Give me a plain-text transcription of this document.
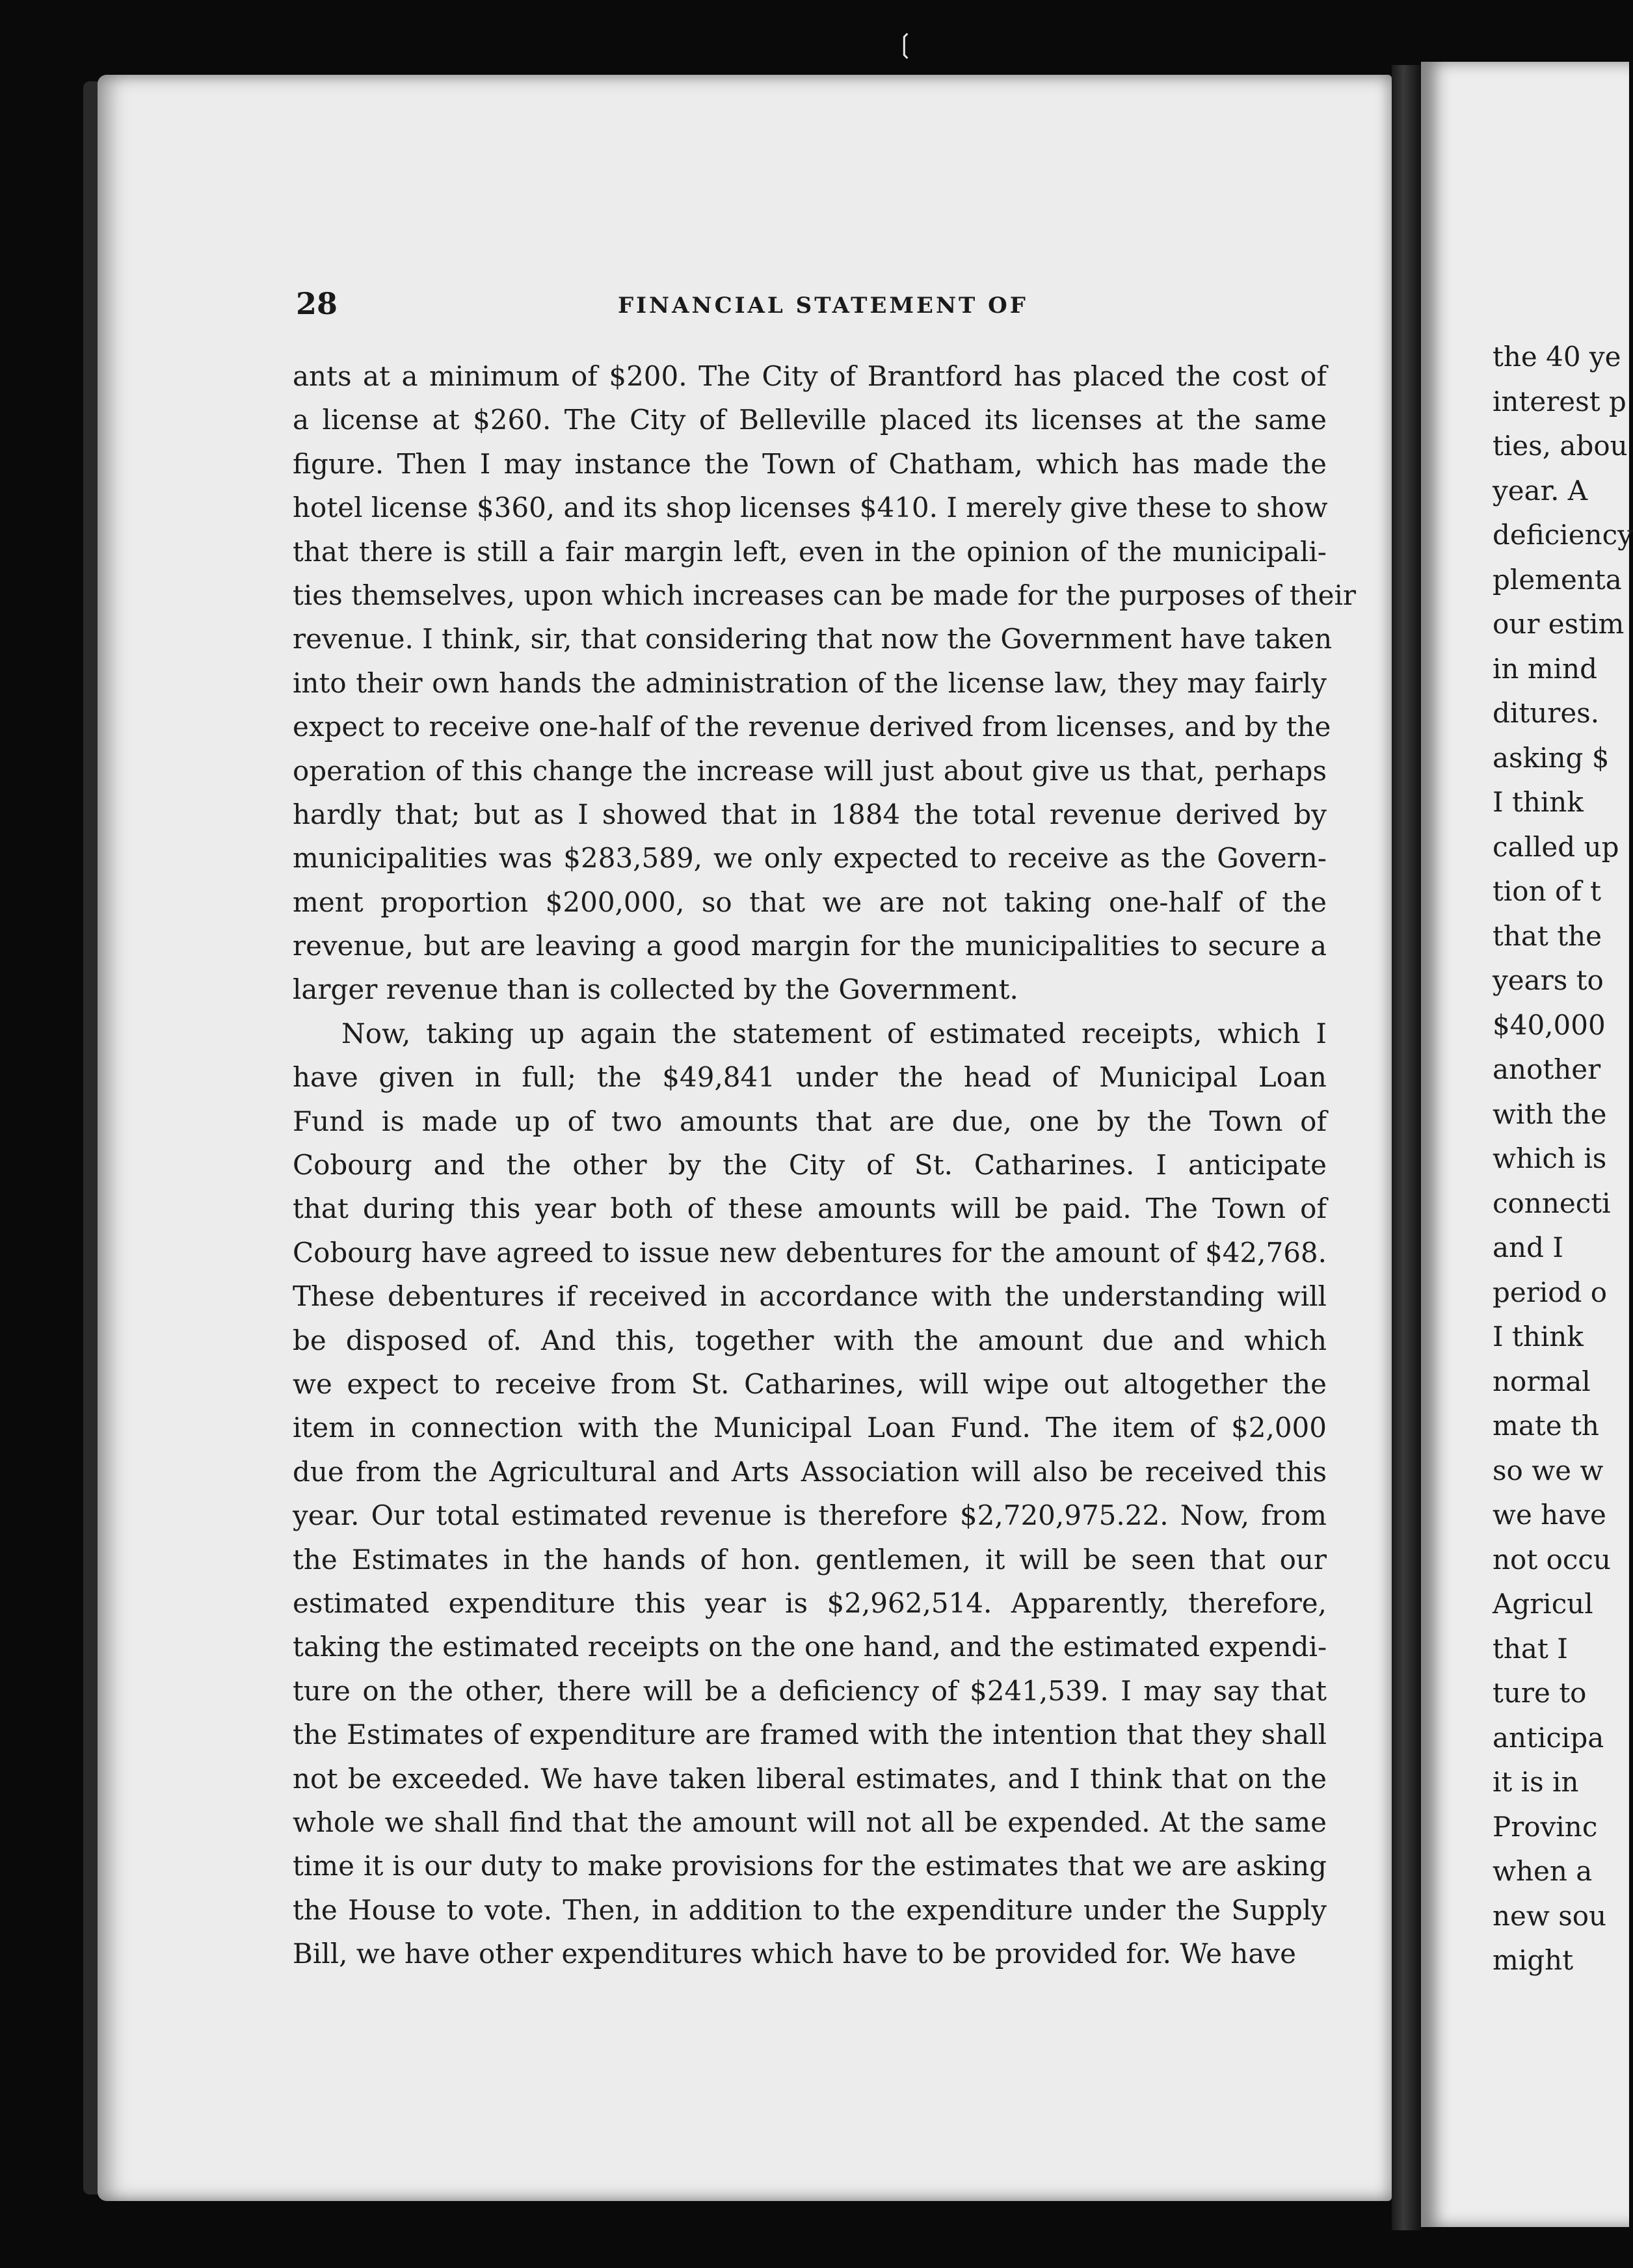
❲
28	FINANCIAL STATEMENT OF
ants at a minimum of $200. The City of Brantford has placed the cost of
a license at $260. The City of Belleville placed its licenses at the same
figure. Then I may instance the Town of Chatham, which has made the
hotel license $360, and its shop licenses $410. I merely give these to show
that there is still a fair margin left, even in the opinion of the municipali-
ties themselves, upon which increases can be made for the purposes of their
revenue. I think, sir, that considering that now the Government have taken
into their own hands the administration of the license law, they may fairly
expect to receive one-half of the revenue derived from licenses, and by the
operation of this change the increase will just about give us that, perhaps
hardly that; but as I showed that in 1884 the total revenue derived by
municipalities was $283,589, we only expected to receive as the Govern-
ment proportion $200,000, so that we are not taking one-half of the
revenue, but are leaving a good margin for the municipalities to secure a
larger revenue than is collected by the Government.
Now, taking up again the statement of estimated receipts, which I
have given in full; the $49,841 under the head of Municipal Loan
Fund is made up of two amounts that are due, one by the Town of
Cobourg and the other by the City of St. Catharines. I anticipate
that during this year both of these amounts will be paid. The Town of
Cobourg have agreed to issue new debentures for the amount of $42,768.
These debentures if received in accordance with the understanding will
be disposed of. And this, together with the amount due and which
we expect to receive from St. Catharines, will wipe out altogether the
item in connection with the Municipal Loan Fund. The item of $2,000
due from the Agricultural and Arts Association will also be received this
year. Our total estimated revenue is therefore $2,720,975.22. Now, from
the Estimates in the hands of hon. gentlemen, it will be seen that our
estimated expenditure this year is $2,962,514. Apparently, therefore,
taking the estimated receipts on the one hand, and the estimated expendi-
ture on the other, there will be a deficiency of $241,539. I may say that
the Estimates of expenditure are framed with the intention that they shall
not be exceeded. We have taken liberal estimates, and I think that on the
whole we shall find that the amount will not all be expended. At the same
time it is our duty to make provisions for the estimates that we are asking
the House to vote. Then, in addition to the expenditure under the Supply
Bill, we have other expenditures which have to be provided for. We have
the 40 ye
interest p
ties, abou
year. A
deficiency
plementa
our estim
in mind
ditures.
asking $
I think
called up
tion of t
that the
years to
$40,000
another
with the
which is
connecti
and I
period o
I think
normal
mate th
so we w
we have
not occu
Agricul
that I
ture to
anticipa
it is in
Provinc
when a
new sou
might
